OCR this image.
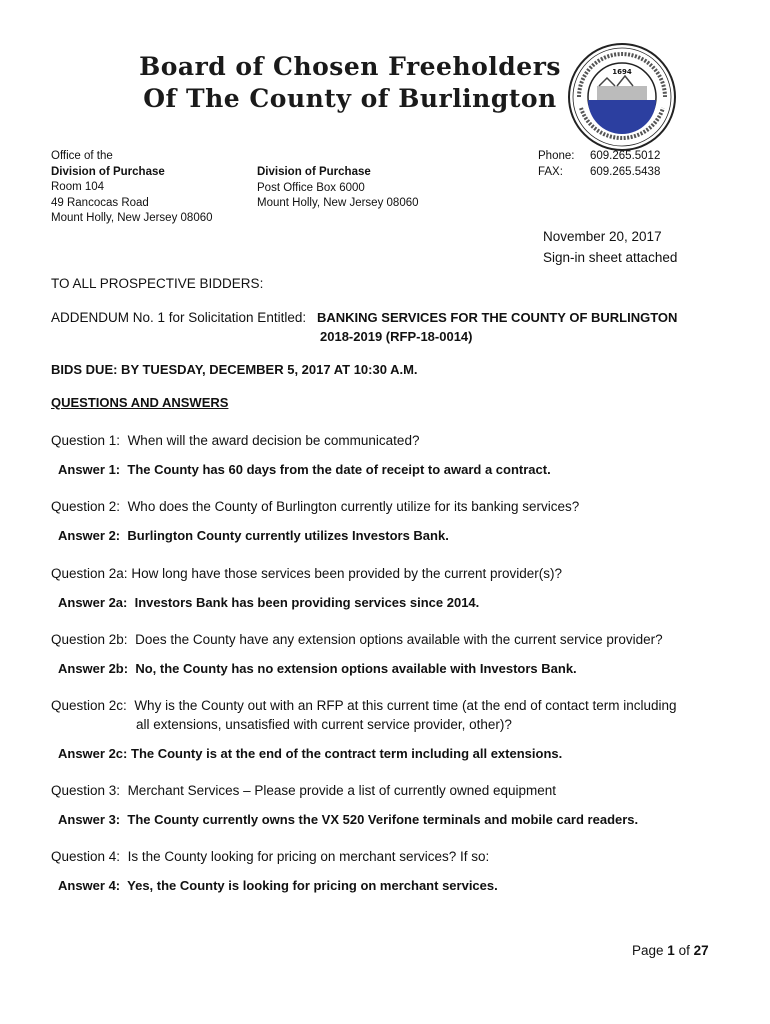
Board of Chosen Freeholders
Of The County of Burlington
1694
Office of the
Division of Purchase
Room 104
49 Rancocas Road
Mount Holly, New Jersey 08060
Division of Purchase
Post Office Box 6000
Mount Holly, New Jersey 08060
Phone: 609.265.5012
FAX: 609.265.5438
November 20, 2017
Sign-in sheet attached
TO ALL PROSPECTIVE BIDDERS:
ADDENDUM No. 1 for Solicitation Entitled: BANKING SERVICES FOR THE COUNTY OF BURLINGTON
2018-2019 (RFP-18-0014)
BIDS DUE: BY TUESDAY, DECEMBER 5, 2017 AT 10:30 A.M.
QUESTIONS AND ANSWERS
Question 1: When will the award decision be communicated?
Answer 1: The County has 60 days from the date of receipt to award a contract.
Question 2: Who does the County of Burlington currently utilize for its banking services?
Answer 2: Burlington County currently utilizes Investors Bank.
Question 2a: How long have those services been provided by the current provider(s)?
Answer 2a: Investors Bank has been providing services since 2014.
Question 2b: Does the County have any extension options available with the current service provider?
Answer 2b: No, the County has no extension options available with Investors Bank.
Question 2c: Why is the County out with an RFP at this current time (at the end of contact term including
all extensions, unsatisfied with current service provider, other)?
Answer 2c: The County is at the end of the contract term including all extensions.
Question 3: Merchant Services – Please provide a list of currently owned equipment
Answer 3: The County currently owns the VX 520 Verifone terminals and mobile card readers.
Question 4: Is the County looking for pricing on merchant services? If so:
Answer 4: Yes, the County is looking for pricing on merchant services.
Page 1 of 27
